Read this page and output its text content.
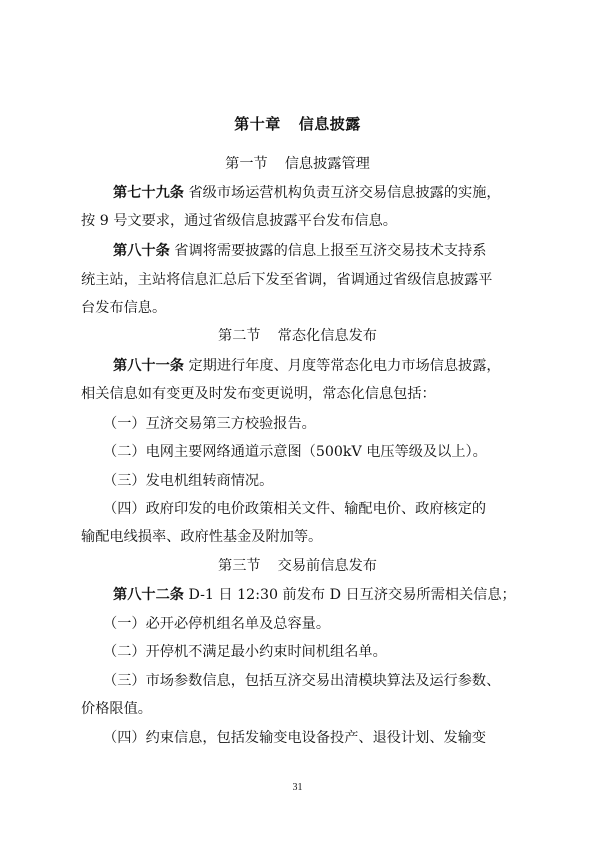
第十章 信息披露
第一节 信息披露管理
第七十九条 省级市场运营机构负责互济交易信息披露的实施，
按 9 号文要求，通过省级信息披露平台发布信息。
第八十条 省调将需要披露的信息上报至互济交易技术支持系
统主站，主站将信息汇总后下发至省调，省调通过省级信息披露平
台发布信息。
第二节 常态化信息发布
第八十一条 定期进行年度、月度等常态化电力市场信息披露，
相关信息如有变更及时发布变更说明，常态化信息包括：
（一）互济交易第三方校验报告。
（二）电网主要网络通道示意图（500kV 电压等级及以上）。
（三）发电机组转商情况。
（四）政府印发的电价政策相关文件、输配电价、政府核定的
输配电线损率、政府性基金及附加等。
第三节 交易前信息发布
第八十二条 D-1 日 12:30 前发布 D 日互济交易所需相关信息；
（一）必开必停机组名单及总容量。
（二）开停机不满足最小约束时间机组名单。
（三）市场参数信息，包括互济交易出清模块算法及运行参数、
价格限值。
（四）约束信息，包括发输变电设备投产、退役计划、发输变
31
